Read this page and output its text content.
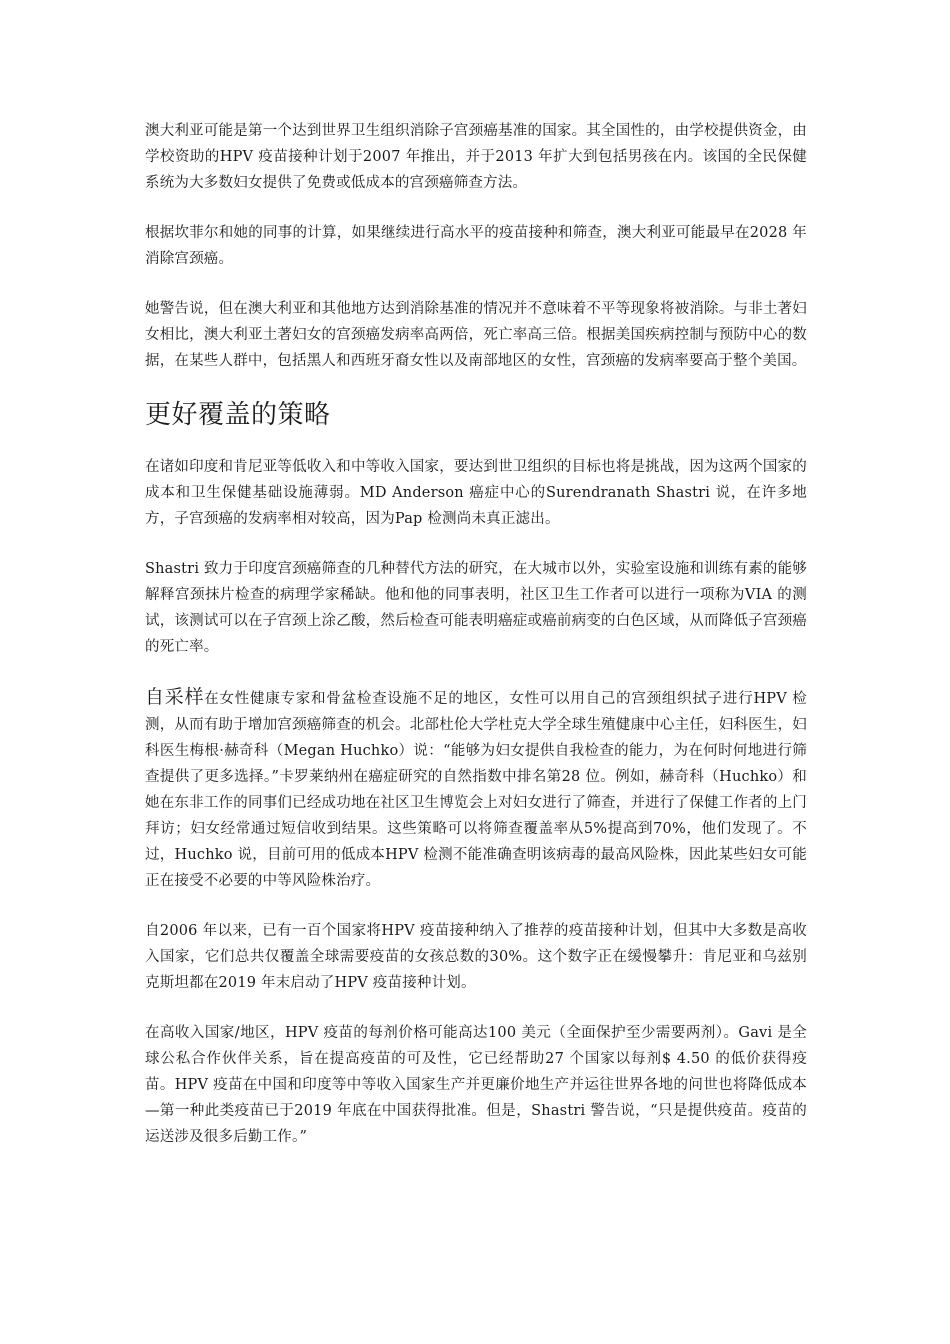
澳大利亚可能是第一个达到世界卫生组织消除子宫颈癌基准的国家。其全国性的，由学校提供资金，由学校资助的HPV 疫苗接种计划于2007 年推出，并于2013 年扩大到包括男孩在内。该国的全民保健系统为大多数妇女提供了免费或低成本的宫颈癌筛查方法。

根据坎菲尔和她的同事的计算，如果继续进行高水平的疫苗接种和筛查，澳大利亚可能最早在2028 年消除宫颈癌。

她警告说，但在澳大利亚和其他地方达到消除基准的情况并不意味着不平等现象将被消除。与非土著妇女相比，澳大利亚土著妇女的宫颈癌发病率高两倍，死亡率高三倍。根据美国疾病控制与预防中心的数据，在某些人群中，包括黑人和西班牙裔女性以及南部地区的女性，宫颈癌的发病率要高于整个美国。

更好覆盖的策略

在诸如印度和肯尼亚等低收入和中等收入国家，要达到世卫组织的目标也将是挑战，因为这两个国家的成本和卫生保健基础设施薄弱。MD Anderson 癌症中心的Surendranath Shastri 说，在许多地方，子宫颈癌的发病率相对较高，因为Pap 检测尚未真正滤出。

Shastri 致力于印度宫颈癌筛查的几种替代方法的研究，在大城市以外，实验室设施和训练有素的能够解释宫颈抹片检查的病理学家稀缺。他和他的同事表明，社区卫生工作者可以进行一项称为VIA 的测试，该测试可以在子宫颈上涂乙酸，然后检查可能表明癌症或癌前病变的白色区域，从而降低子宫颈癌的死亡率。

自采样在女性健康专家和骨盆检查设施不足的地区，女性可以用自己的宫颈组织拭子进行HPV 检测，从而有助于增加宫颈癌筛查的机会。北部杜伦大学杜克大学全球生殖健康中心主任，妇科医生，妇科医生梅根·赫奇科（Megan Huchko）说：“能够为妇女提供自我检查的能力，为在何时何地进行筛查提供了更多选择。”卡罗莱纳州在癌症研究的自然指数中排名第28 位。例如，赫奇科（Huchko）和她在东非工作的同事们已经成功地在社区卫生博览会上对妇女进行了筛查，并进行了保健工作者的上门拜访；妇女经常通过短信收到结果。这些策略可以将筛查覆盖率从5%提高到70%，他们发现了。不过，Huchko 说，目前可用的低成本HPV 检测不能准确查明该病毒的最高风险株，因此某些妇女可能正在接受不必要的中等风险株治疗。

自2006 年以来，已有一百个国家将HPV 疫苗接种纳入了推荐的疫苗接种计划，但其中大多数是高收入国家，它们总共仅覆盖全球需要疫苗的女孩总数的30%。这个数字正在缓慢攀升：肯尼亚和乌兹别克斯坦都在2019 年末启动了HPV 疫苗接种计划。

在高收入国家/地区，HPV 疫苗的每剂价格可能高达100 美元（全面保护至少需要两剂）。Gavi 是全球公私合作伙伴关系，旨在提高疫苗的可及性，它已经帮助27 个国家以每剂$ 4.50 的低价获得疫苗。HPV 疫苗在中国和印度等中等收入国家生产并更廉价地生产并运往世界各地的问世也将降低成本—第一种此类疫苗已于2019 年底在中国获得批准。但是，Shastri 警告说，“只是提供疫苗。疫苗的运送涉及很多后勤工作。”
